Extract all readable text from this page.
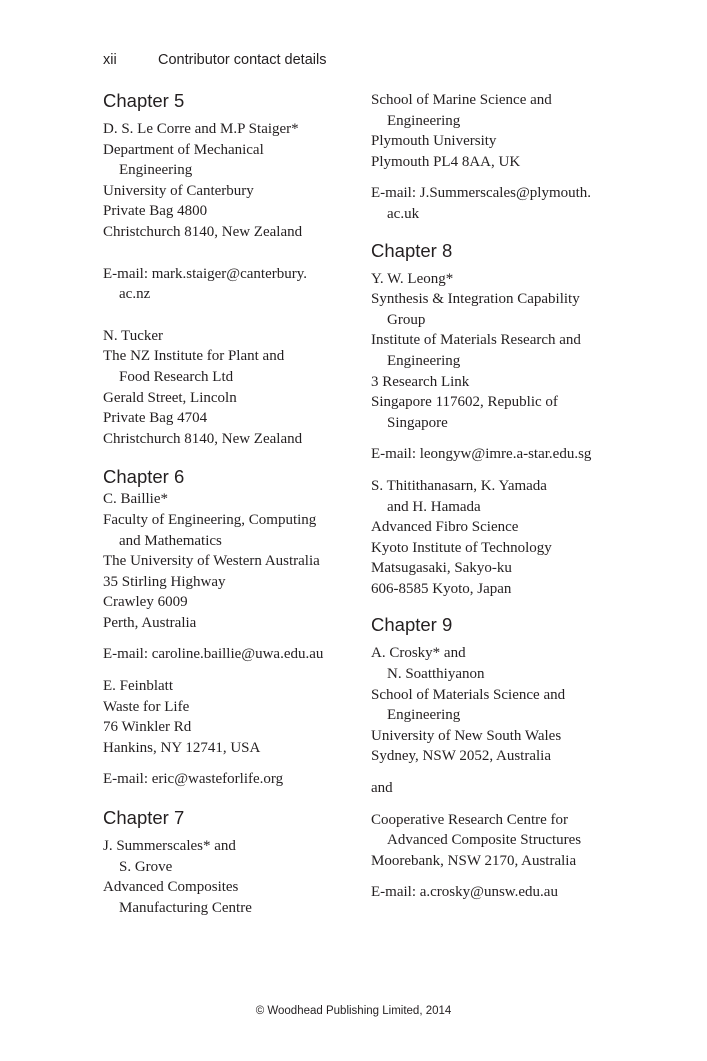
xii	Contributor contact details
Chapter 5
D. S. Le Corre and M.P Staiger*
Department of Mechanical
Engineering
University of Canterbury
Private Bag 4800
Christchurch 8140, New Zealand
E-mail: mark.staiger@canterbury.
ac.nz
N. Tucker
The NZ Institute for Plant and
Food Research Ltd
Gerald Street, Lincoln
Private Bag 4704
Christchurch 8140, New Zealand
Chapter 6
C. Baillie*
Faculty of Engineering, Computing
and Mathematics
The University of Western Australia
35 Stirling Highway
Crawley 6009
Perth, Australia
E-mail: caroline.baillie@uwa.edu.au
E. Feinblatt
Waste for Life
76 Winkler Rd
Hankins, NY 12741, USA
E-mail: eric@wasteforlife.org
Chapter 7
J. Summerscales* and
S. Grove
Advanced Composites
Manufacturing Centre
School of Marine Science and
Engineering
Plymouth University
Plymouth PL4 8AA, UK
E-mail: J.Summerscales@plymouth.
ac.uk
Chapter 8
Y. W. Leong*
Synthesis & Integration Capability
Group
Institute of Materials Research and
Engineering
3 Research Link
Singapore 117602, Republic of
Singapore
E-mail: leongyw@imre.a-star.edu.sg
S. Thitithanasarn, K. Yamada
and H. Hamada
Advanced Fibro Science
Kyoto Institute of Technology
Matsugasaki, Sakyo-ku
606-8585 Kyoto, Japan
Chapter 9
A. Crosky* and
N. Soatthiyanon
School of Materials Science and
Engineering
University of New South Wales
Sydney, NSW 2052, Australia
and
Cooperative Research Centre for
Advanced Composite Structures
Moorebank, NSW 2170, Australia
E-mail: a.crosky@unsw.edu.au
© Woodhead Publishing Limited, 2014
